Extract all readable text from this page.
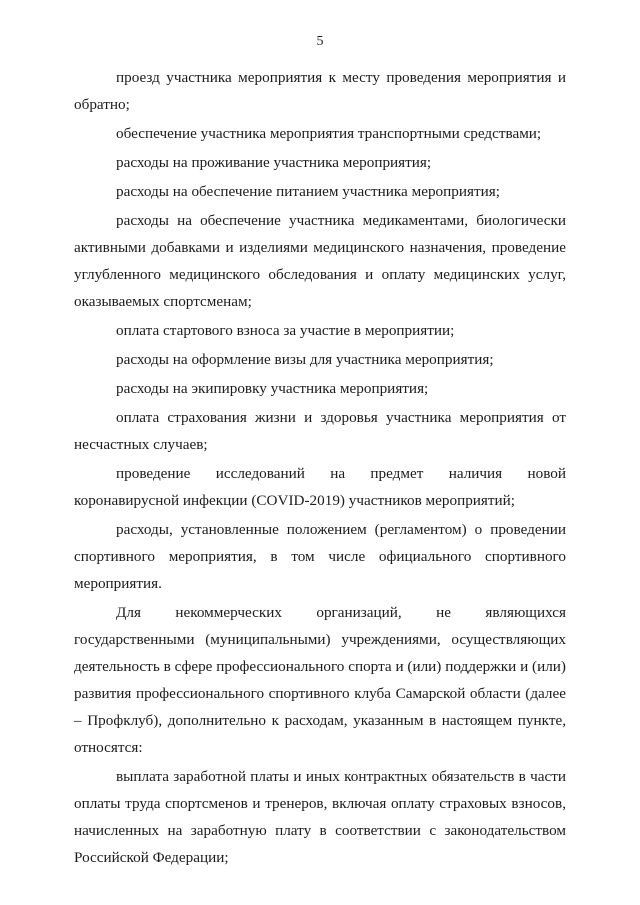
5

проезд участника мероприятия к месту проведения мероприятия и обратно;

обеспечение участника мероприятия транспортными средствами;

расходы на проживание участника мероприятия;

расходы на обеспечение питанием участника мероприятия;

расходы на обеспечение участника медикаментами, биологически активными добавками и изделиями медицинского назначения, проведение углубленного медицинского обследования и оплату медицинских услуг, оказываемых спортсменам;

оплата стартового взноса за участие в мероприятии;

расходы на оформление визы для участника мероприятия;

расходы на экипировку участника мероприятия;

оплата страхования жизни и здоровья участника мероприятия от несчастных случаев;

проведение исследований на предмет наличия новой коронавирусной инфекции (COVID-2019) участников мероприятий;

расходы, установленные положением (регламентом) о проведении спортивного мероприятия, в том числе официального спортивного мероприятия.

Для некоммерческих организаций, не являющихся государственными (муниципальными) учреждениями, осуществляющих деятельность в сфере профессионального спорта и (или) поддержки и (или) развития профессионального спортивного клуба Самарской области (далее – Профклуб), дополнительно к расходам, указанным в настоящем пункте, относятся:

выплата заработной платы и иных контрактных обязательств в части оплаты труда спортсменов и тренеров, включая оплату страховых взносов, начисленных на заработную плату в соответствии с законодательством Российской Федерации;
